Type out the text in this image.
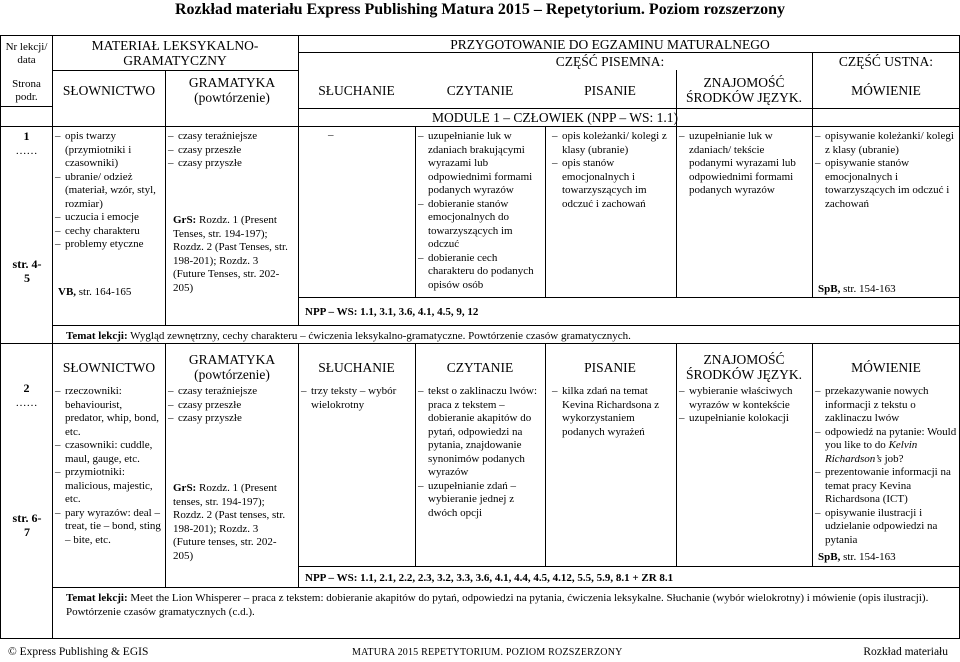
Rozkład materiału Express Publishing Matura 2015 – Repetytorium. Poziom rozszerzony
Nr lekcji/ data
Strona podr.
MATERIAŁ LEKSYKALNO-GRAMATYCZNY
SŁOWNICTWO
GRAMATYKA (powtórzenie)
PRZYGOTOWANIE DO EGZAMINU MATURALNEGO
CZĘŚĆ PISEMNA:	CZĘŚĆ USTNA:
SŁUCHANIE	CZYTANIE	PISANIE
ZNAJOMOŚĆ ŚRODKÓW JĘZYK.	MÓWIENIE
MODULE 1 – CZŁOWIEK (NPP – WS: 1.1)
1
……
str. 4-5
– opis twarzy (przymiotniki i czasowniki)
– ubranie/ odzież (materiał, wzór, styl, rozmiar)
– uczucia i emocje
– cechy charakteru
– problemy etyczne
VB, str. 164-165
– czasy teraźniejsze
– czasy przeszłe
– czasy przyszłe
GrS: Rozdz. 1 (Present Tenses, str. 194-197); Rozdz. 2 (Past Tenses, str. 198-201); Rozdz. 3 (Future Tenses, str. 202-205)
–
–	uzupełnianie luk w zdaniach brakującymi wyrazami lub odpowiednimi formami podanych wyrazów
– dobieranie stanów emocjonalnych do towarzyszących im odczuć
– dobieranie cech charakteru do podanych opisów osób
– opis koleżanki/ kolegi z klasy (ubranie)
– opis stanów emocjonalnych i towarzyszących im odczuć i zachowań
– uzupełnianie luk w zdaniach/ tekście podanymi wyrazami lub odpowiednimi formami podanych wyrazów
– opisywanie koleżanki/ kolegi z klasy (ubranie)
– opisywanie stanów emocjonalnych i towarzyszących im odczuć i zachowań
SpB, str. 154-163
NPP – WS: 1.1, 3.1, 3.6, 4.1, 4.5, 9, 12
Temat lekcji: Wygląd zewnętrzny, cechy charakteru – ćwiczenia leksykalno-gramatyczne. Powtórzenie czasów gramatycznych.
SŁOWNICTWO
GRAMATYKA (powtórzenie)	SŁUCHANIE	CZYTANIE	PISANIE
ZNAJOMOŚĆ ŚRODKÓW JĘZYK.	MÓWIENIE
2
……
str. 6-7
– rzeczowniki: behaviourist, predator, whip, bond, etc.
– czasowniki: cuddle, maul, gauge, etc.
– przymiotniki: malicious, majestic, etc.
– pary wyrazów: deal – treat, tie – bond, sting – bite, etc.
– czasy teraźniejsze
– czasy przeszłe
– czasy przyszłe
GrS: Rozdz. 1 (Present tenses, str. 194-197); Rozdz. 2 (Past tenses, str. 198-201); Rozdz. 3 (Future tenses, str. 202-205)
– trzy teksty – wybór wielokrotny
– tekst o zaklinaczu lwów: praca z tekstem – dobieranie akapitów do pytań, odpowiedzi na pytania, znajdowanie synonimów podanych wyrazów
– uzupełnianie zdań – wybieranie jednej z dwóch opcji
– kilka zdań na temat Kevina Richardsona z wykorzystaniem podanych wyrażeń
– wybieranie właściwych wyrazów w kontekście
– uzupełnianie kolokacji
– przekazywanie nowych informacji z tekstu o zaklinaczu lwów
– odpowiedź na pytanie: Would you like to do Kelvin Richardson’s job?
– prezentowanie informacji na temat pracy Kevina Richardsona (ICT)
– opisywanie ilustracji i udzielanie odpowiedzi na pytania
SpB, str. 154-163
NPP – WS: 1.1, 2.1, 2.2, 2.3, 3.2, 3.3, 3.6, 4.1, 4.4, 4.5, 4.12, 5.5, 5.9, 8.1 + ZR 8.1
Temat lekcji: Meet the Lion Whisperer – praca z tekstem: dobieranie akapitów do pytań, odpowiedzi na pytania, ćwiczenia leksykalne. Słuchanie (wybór wielokrotny) i mówienie (opis ilustracji). Powtórzenie czasów gramatycznych (c.d.).
© Express Publishing & EGIS	MATURA 2015 REPETYTORIUM. POZIOM ROZSZERZONY	Rozkład materiału
